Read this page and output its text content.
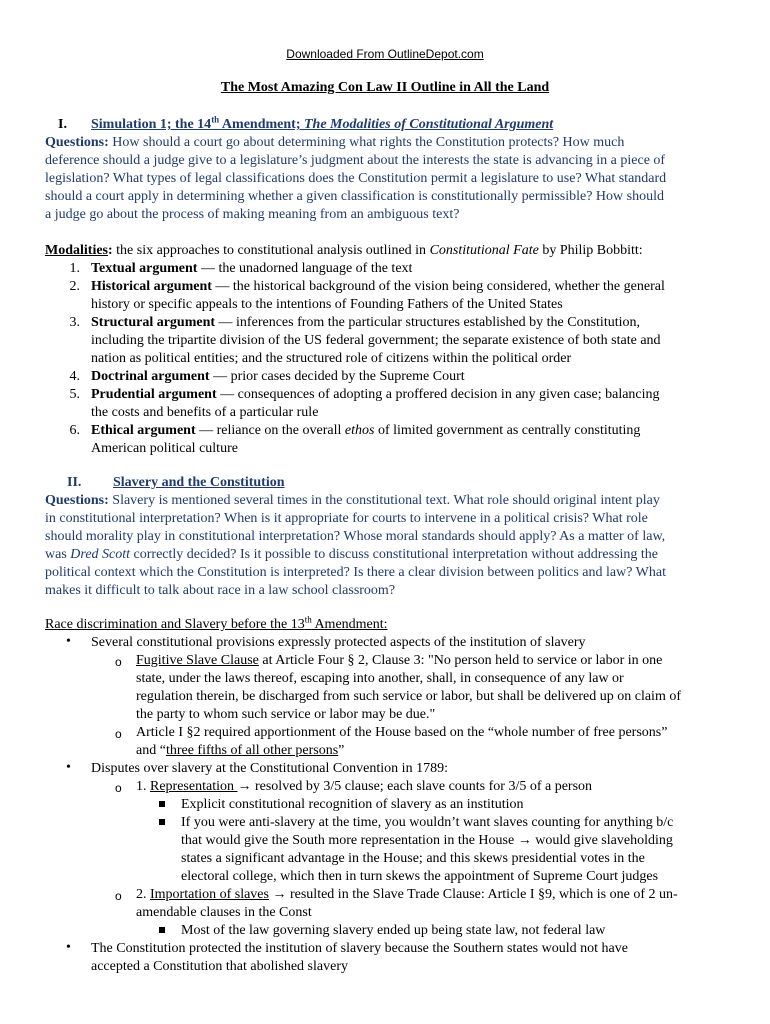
Downloaded From OutlineDepot.com
The Most Amazing Con Law II Outline in All the Land
I. Simulation 1; the 14th Amendment; The Modalities of Constitutional Argument
Questions: How should a court go about determining what rights the Constitution protects? How much
deference should a judge give to a legislature’s judgment about the interests the state is advancing in a piece of
legislation? What types of legal classifications does the Constitution permit a legislature to use? What standard
should a court apply in determining whether a given classification is constitutionally permissible? How should
a judge go about the process of making meaning from an ambiguous text?
Modalities: the six approaches to constitutional analysis outlined in Constitutional Fate by Philip Bobbitt:
1. Textual argument — the unadorned language of the text
2. Historical argument — the historical background of the vision being considered, whether the general
history or specific appeals to the intentions of Founding Fathers of the United States
3. Structural argument — inferences from the particular structures established by the Constitution,
including the tripartite division of the US federal government; the separate existence of both state and
nation as political entities; and the structured role of citizens within the political order
4. Doctrinal argument — prior cases decided by the Supreme Court
5. Prudential argument — consequences of adopting a proffered decision in any given case; balancing
the costs and benefits of a particular rule
6. Ethical argument — reliance on the overall ethos of limited government as centrally constituting
American political culture
II. Slavery and the Constitution
Questions: Slavery is mentioned several times in the constitutional text. What role should original intent play
in constitutional interpretation? When is it appropriate for courts to intervene in a political crisis? What role
should morality play in constitutional interpretation? Whose moral standards should apply? As a matter of law,
was Dred Scott correctly decided? Is it possible to discuss constitutional interpretation without addressing the
political context which the Constitution is interpreted? Is there a clear division between politics and law? What
makes it difficult to talk about race in a law school classroom?
Race discrimination and Slavery before the 13th Amendment:
• Several constitutional provisions expressly protected aspects of the institution of slavery
o Fugitive Slave Clause at Article Four § 2, Clause 3: "No person held to service or labor in one
state, under the laws thereof, escaping into another, shall, in consequence of any law or
regulation therein, be discharged from such service or labor, but shall be delivered up on claim of
the party to whom such service or labor may be due."
o Article I §2 required apportionment of the House based on the “whole number of free persons”
and “three fifths of all other persons”
• Disputes over slavery at the Constitutional Convention in 1789:
o 1. Representation → resolved by 3/5 clause; each slave counts for 3/5 of a person
Explicit constitutional recognition of slavery as an institution
If you were anti-slavery at the time, you wouldn’t want slaves counting for anything b/c
that would give the South more representation in the House → would give slaveholding
states a significant advantage in the House; and this skews presidential votes in the
electoral college, which then in turn skews the appointment of Supreme Court judges
o 2. Importation of slaves → resulted in the Slave Trade Clause: Article I §9, which is one of 2 un-
amendable clauses in the Const
Most of the law governing slavery ended up being state law, not federal law
• The Constitution protected the institution of slavery because the Southern states would not have
accepted a Constitution that abolished slavery
